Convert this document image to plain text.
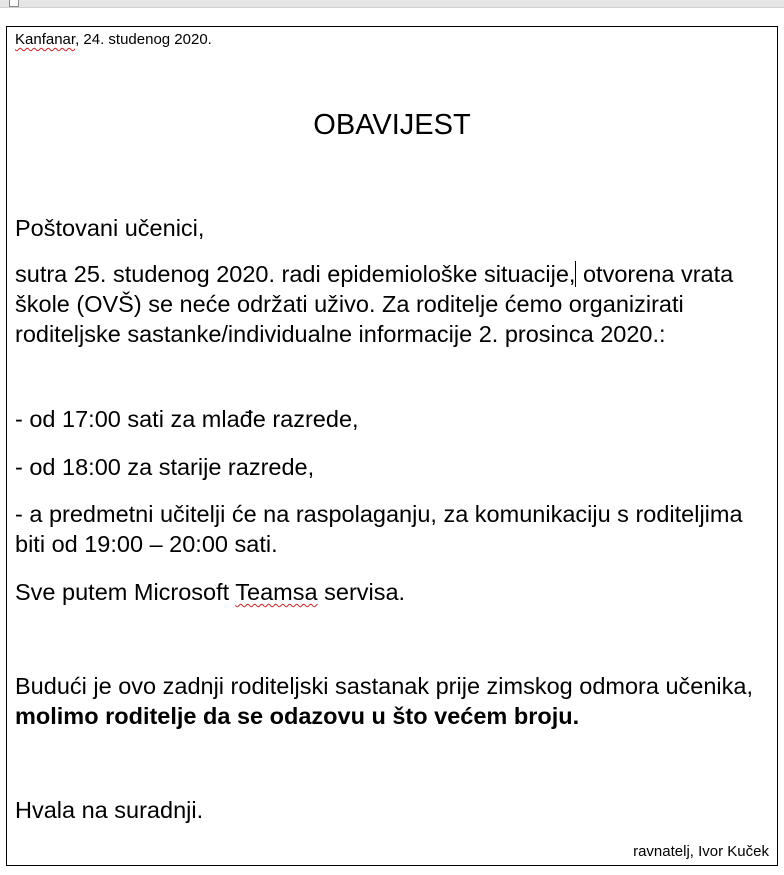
Kanfanar, 24. studenog 2020.
OBAVIJEST

Poštovani učenici,

sutra 25. studenog 2020. radi epidemiološke situacije, otvorena vrata škole (OVŠ) se neće održati uživo. Za roditelje ćemo organizirati roditeljske sastanke/individualne informacije 2. prosinca 2020.:

- od 17:00 sati za mlađe razrede,

- od 18:00 za starije razrede,

- a predmetni učitelji će na raspolaganju, za komunikaciju s roditeljima biti od 19:00 – 20:00 sati.

Sve putem Microsoft Teamsa servisa.

Budući je ovo zadnji roditeljski sastanak prije zimskog odmora učenika, molimo roditelje da se odazovu u što većem broju.

Hvala na suradnji.

ravnatelj, Ivor Kuček
